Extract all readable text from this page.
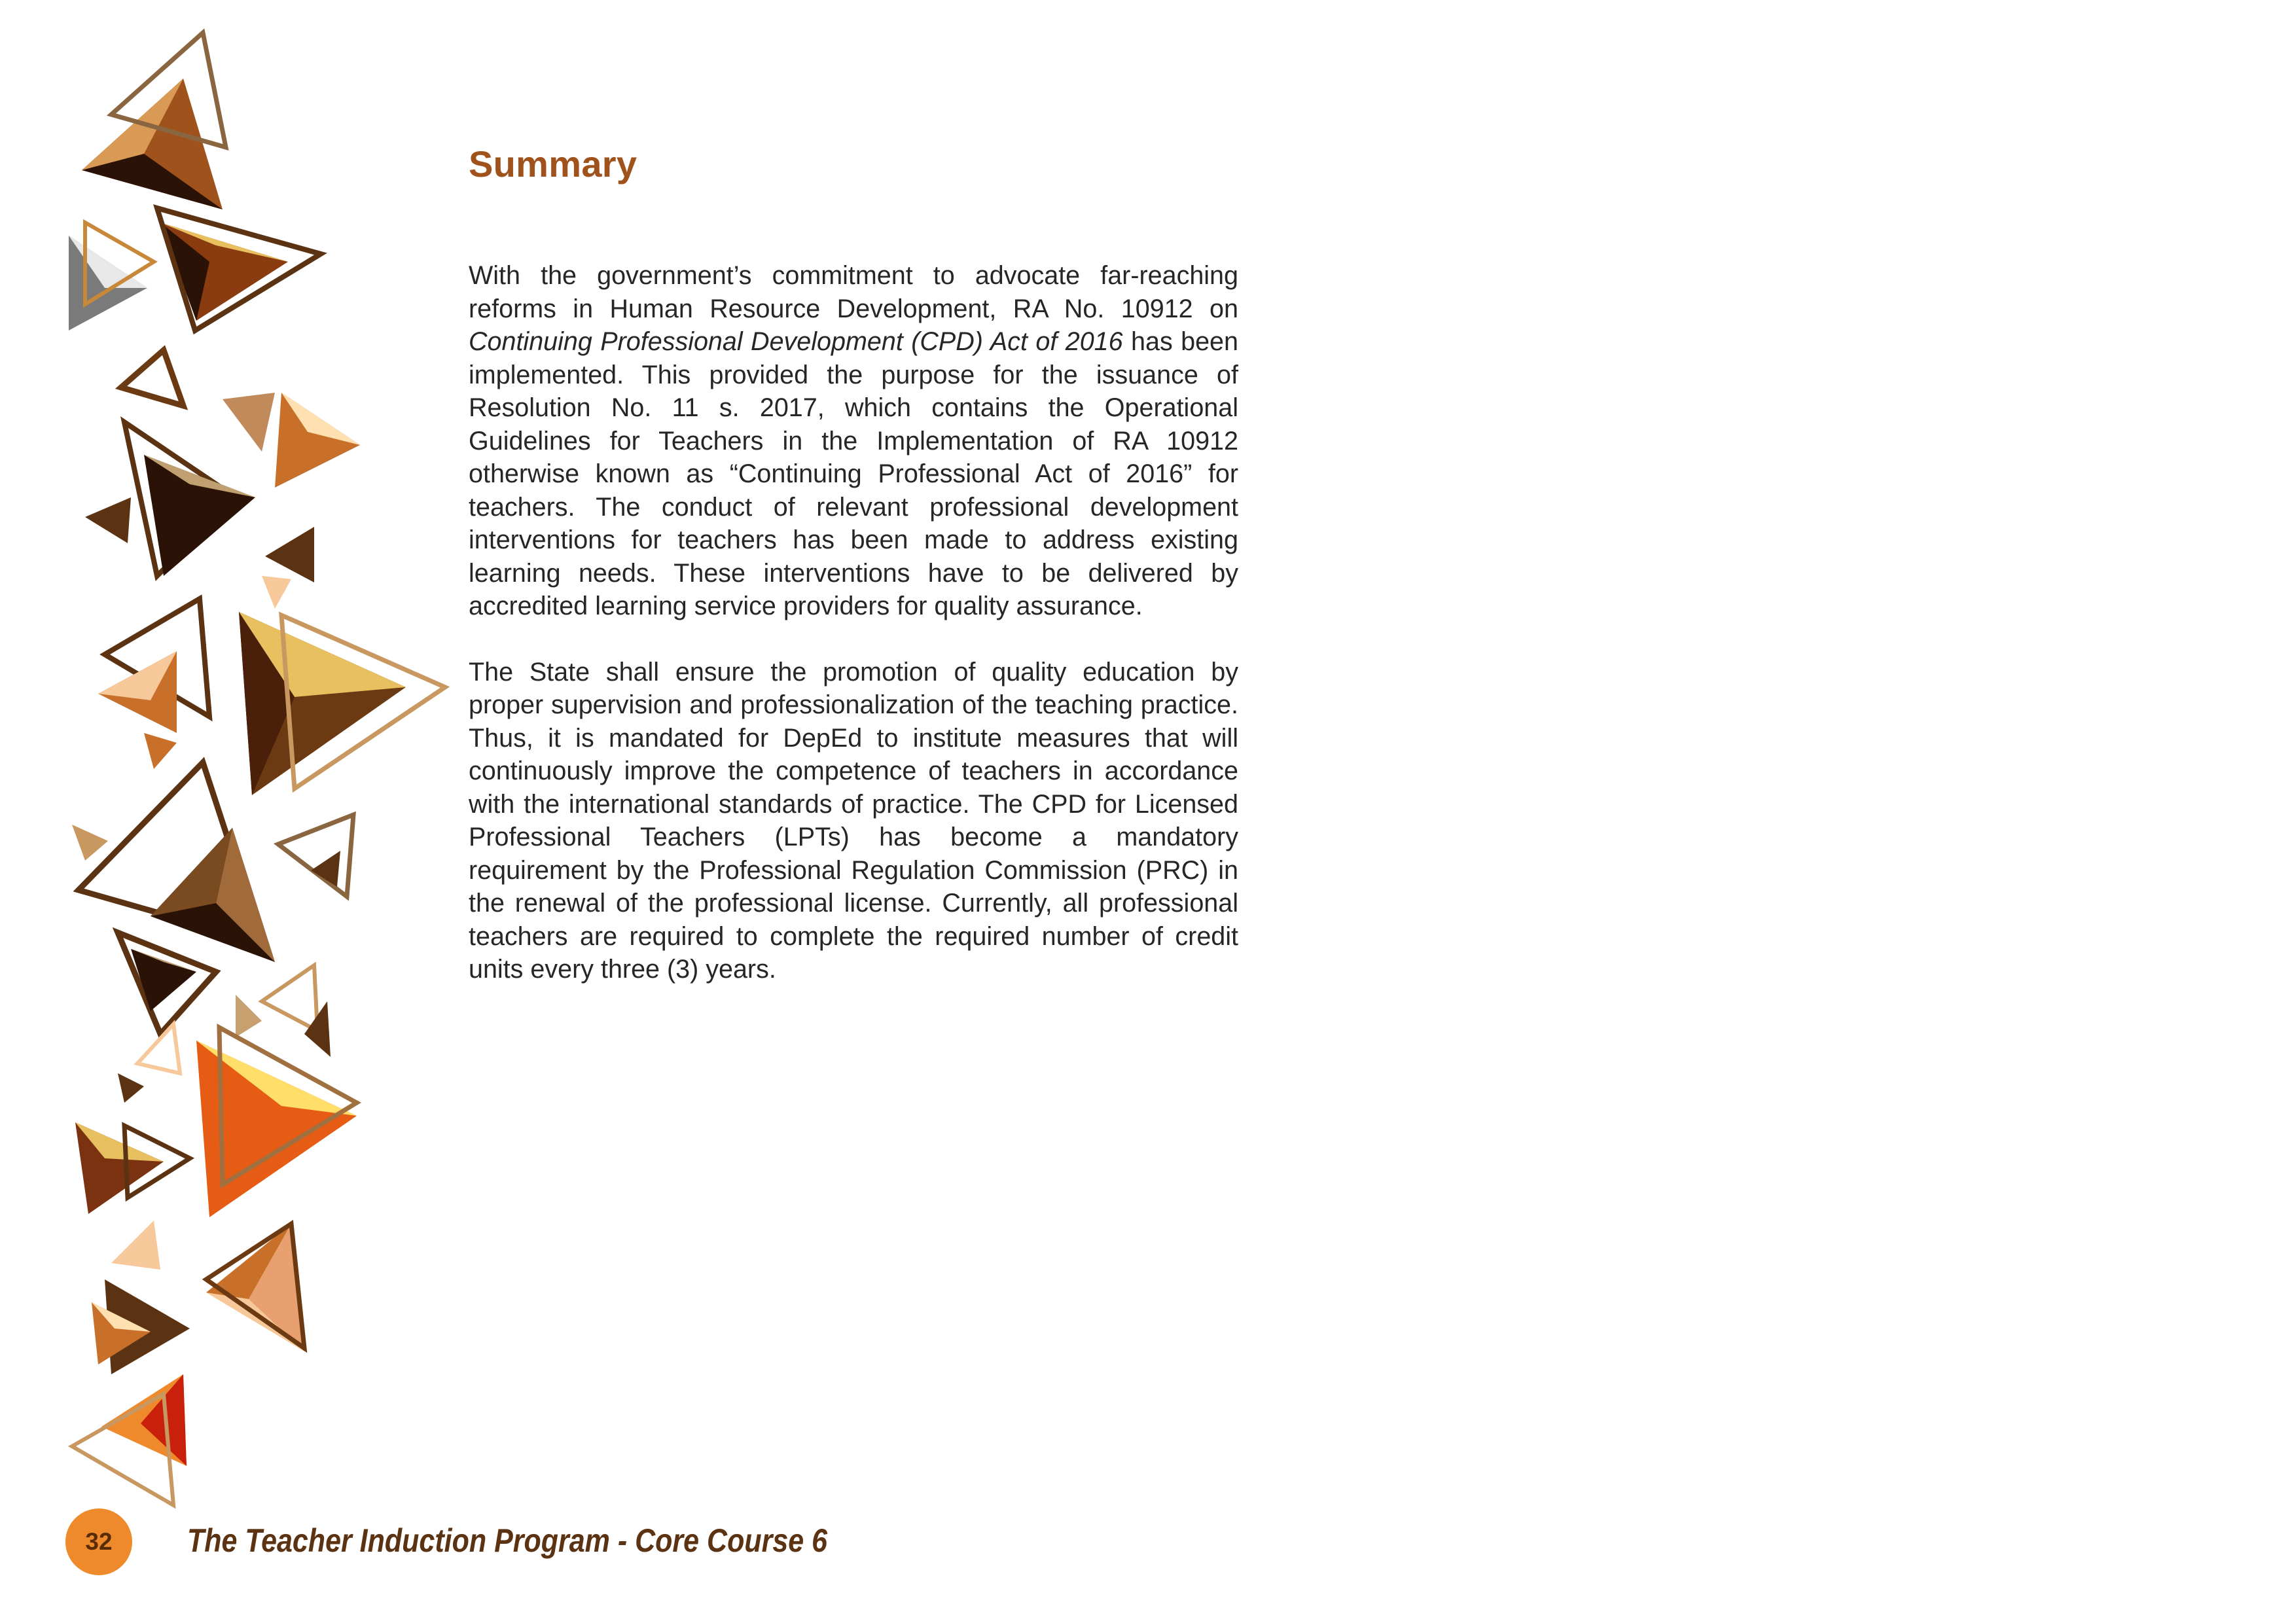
Summary

With the government’s commitment to advocate far-reaching reforms in Human Resource Development, RA No. 10912 on Continuing Professional Development (CPD) Act of 2016 has been implemented. This provided the purpose for the issuance of Resolution No. 11 s. 2017, which contains the Operational Guidelines for Teachers in the Implementation of RA 10912 otherwise known as “Continuing Professional Act of 2016” for teachers. The conduct of relevant professional development interventions for teachers has been made to address existing learning needs. These interventions have to be delivered by accredited learning service providers for quality assurance.

The State shall ensure the promotion of quality education by proper supervision and professionalization of the teaching practice. Thus, it is mandated for DepEd to institute measures that will continuously improve the competence of teachers in accordance with the international standards of practice. The CPD for Licensed Professional Teachers (LPTs) has become a mandatory requirement by the Professional Regulation Commission (PRC) in the renewal of the professional license. Currently, all professional teachers are required to complete the required number of credit units every three (3) years.

32	The Teacher Induction Program - Core Course 6
